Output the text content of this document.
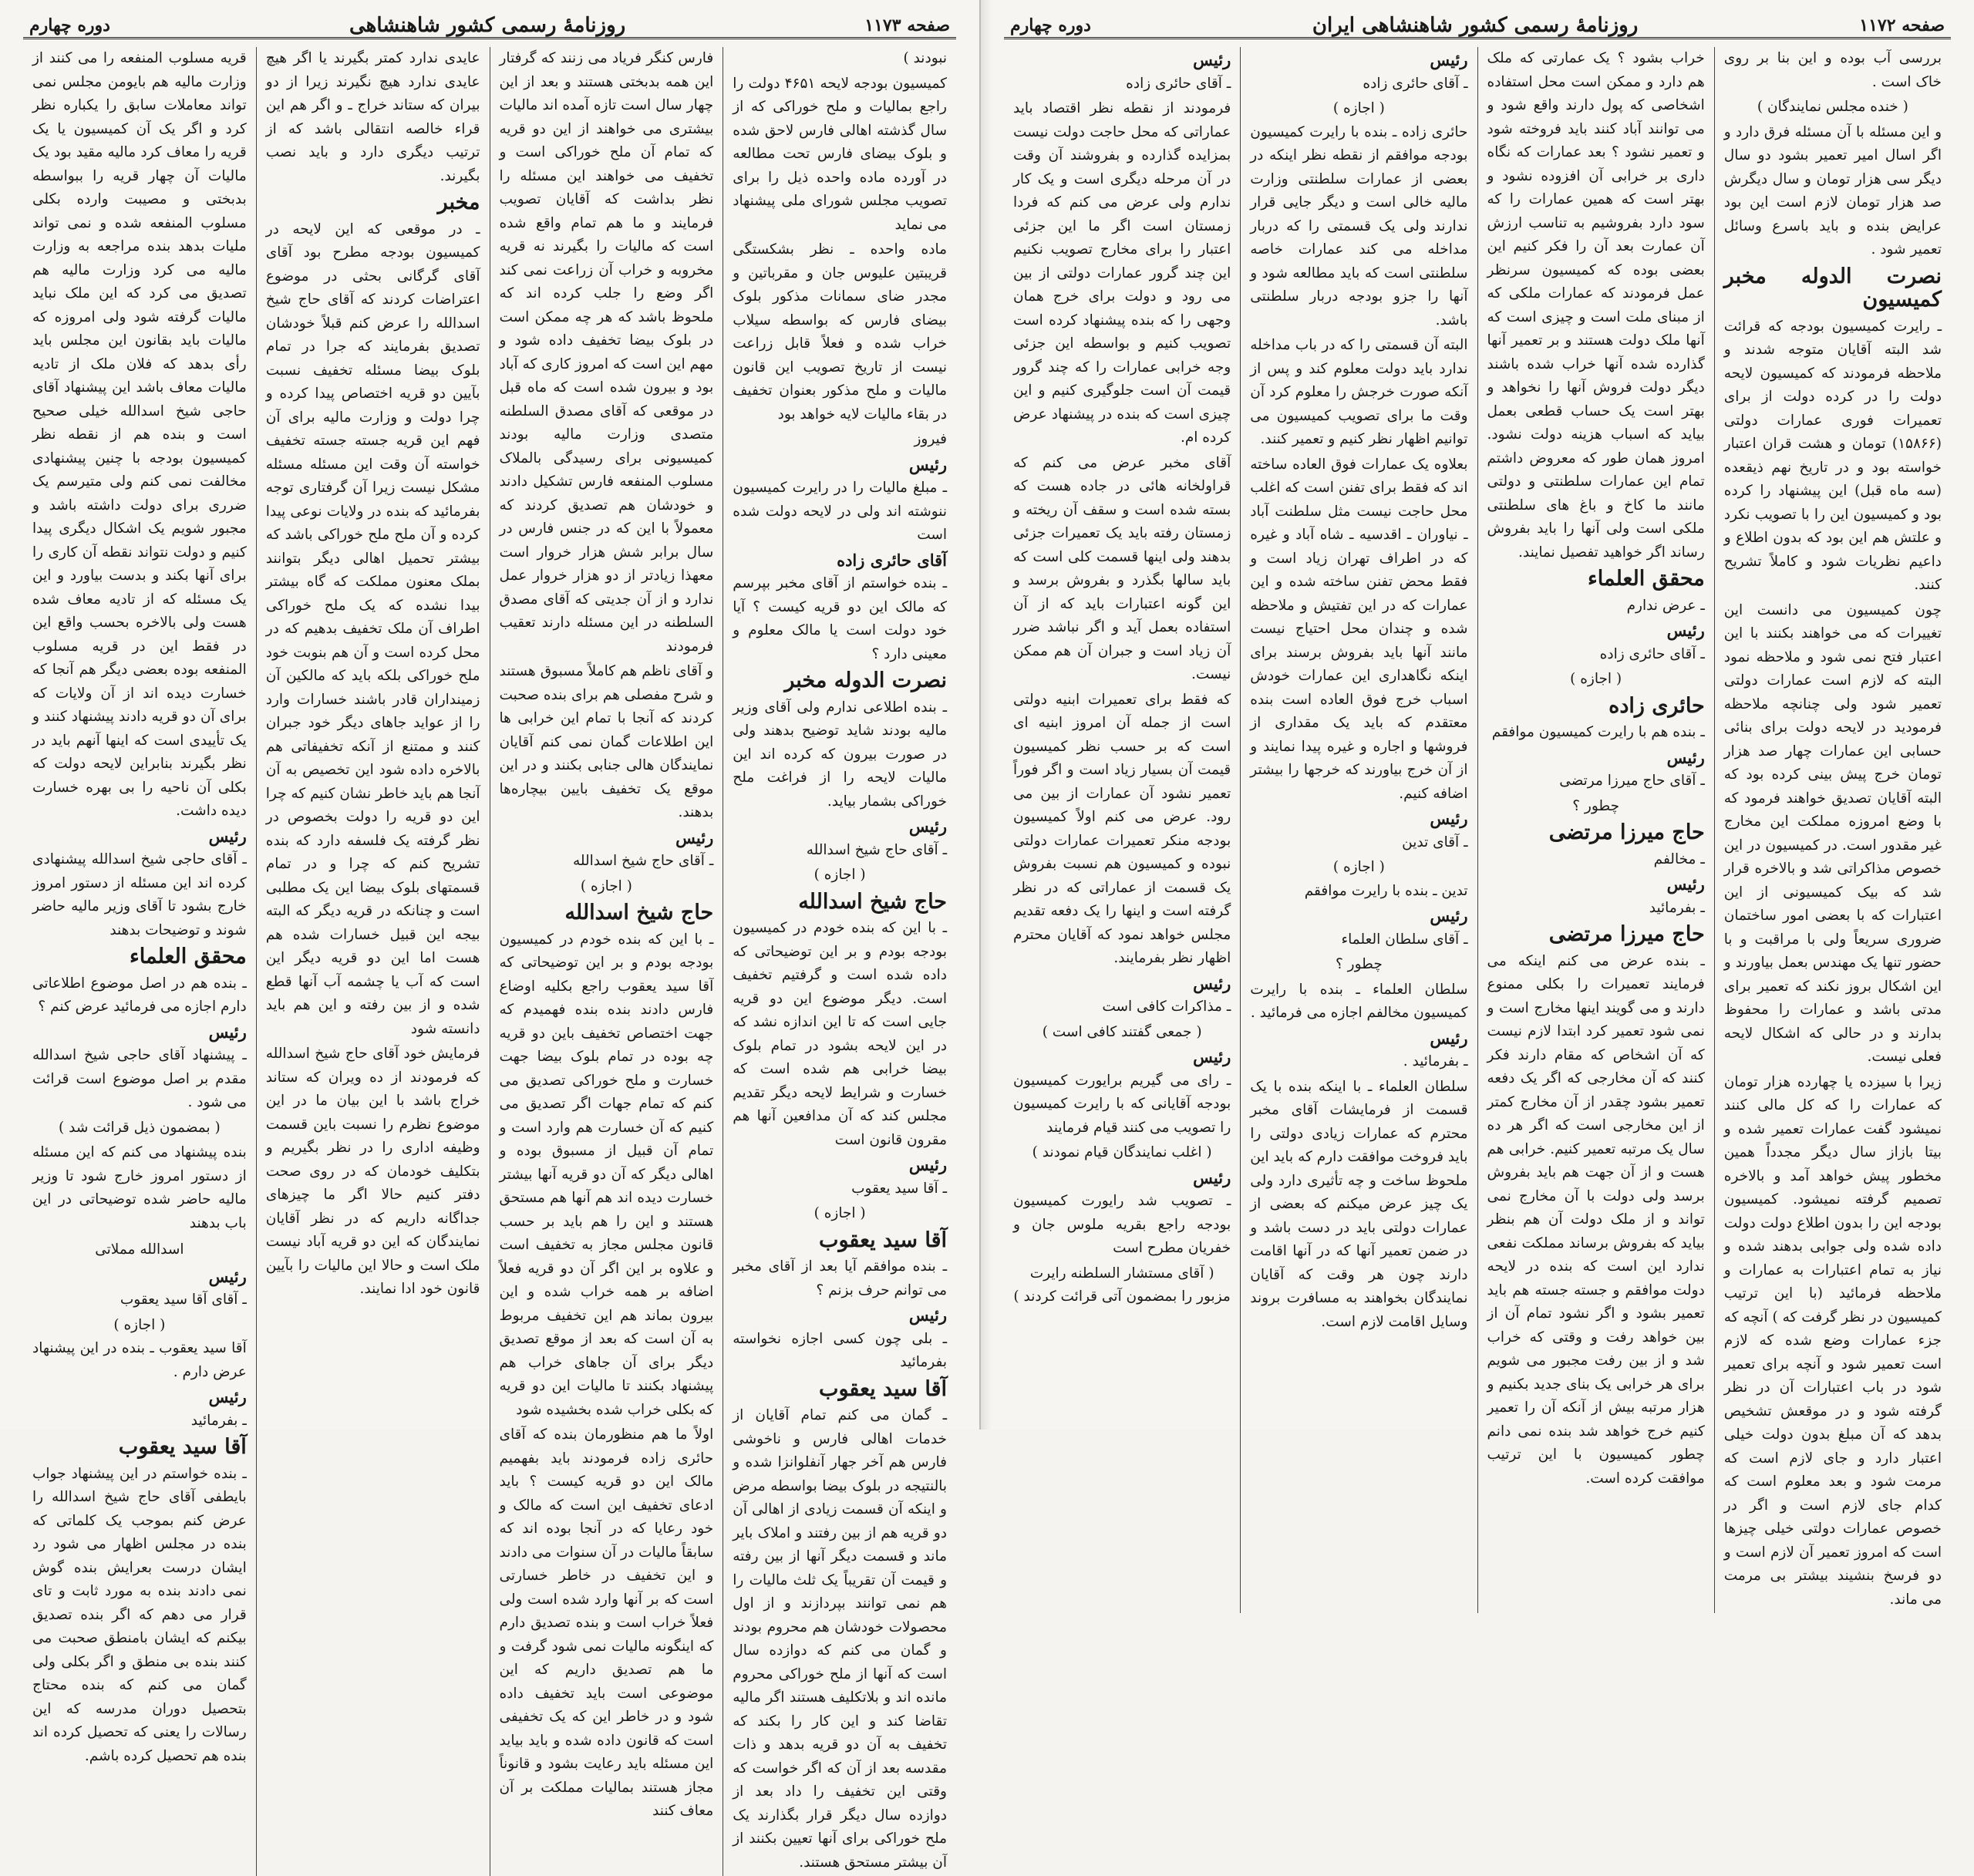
صفحه ۱۱۷۳
روزنامۀ رسمی کشور شاهنشاهی
دوره چهارم

نبودند )

کمیسیون بودجه لایحه ۴۶۵۱ دولت را راجع بمالیات و ملح خوراکی که از سال گذشته اهالی فارس لاحق شده و بلوک بیضای فارس تحت مطالعه در آورده ماده واحده ذیل را برای تصویب مجلس شورای ملی پیشنهاد می نماید

ماده واحده ـ نظر بشکستگی قریبتین علیوس جان و مقرباتین و مجدر ضای سمانات مذکور بلوک بیضای فارس که بواسطه سیلاب خراب شده و فعلاً قابل زراعت نیست از تاریخ تصویب این قانون مالیات و ملح مذکور بعنوان تخفیف در بقاء مالیات لایه خواهد بود

فیروز

رئیس

ـ مبلغ مالیات را در رایرت کمیسیون ننوشته اند ولی در لایحه دولت شده است

آقای حائری زاده

ـ بنده خواستم از آقای مخبر بپرسم که مالک این دو قریه کیست ؟ آیا خود دولت است یا مالک معلوم و معینی دارد ؟

نصرت الدوله مخبر

ـ بنده اطلاعی ندارم ولی آقای وزیر مالیه بودند شاید توضیح بدهند ولی در صورت بیرون که کرده اند این مالیات لایحه را از فراغت ملح خوراکی بشمار بیاید.

رئیس

ـ آقای حاج شیخ اسدالله

( اجازه )
حاج شیخ اسدالله

ـ با این که بنده خودم در کمیسیون بودجه بودم و بر این توضیحاتی که داده شده است و گرفتیم تخفیف است. دیگر موضوع این دو قریه جایی است که تا این اندازه نشد که در این لایحه بشود در تمام بلوک بیضا خرابی هم شده است که خسارت و شرایط لایحه دیگر تقدیم مجلس کند که آن مدافعین آنها هم مقرون قانون است

رئیس

ـ آقا سید یعقوب

( اجازه )
آقا سید یعقوب

ـ بنده موافقم آیا بعد از آقای مخبر می توانم حرف بزنم ؟

رئیس

ـ بلی چون کسی اجازه نخواسته بفرمائید

آقا سید یعقوب

ـ گمان می کنم تمام آقایان از خدمات اهالی فارس و ناخوشی فارس هم آخر جهار آنفلوانزا شده و بالنتیجه در بلوک بیضا بواسطه مرض و اینکه آن قسمت زیادی از اهالی آن دو قریه هم از بین رفتند و املاک بایر ماند و قسمت دیگر آنها از بین رفته و قیمت آن تقریباً یک ثلث مالیات را هم نمی توانند بپردازند و از اول محصولات خودشان هم محروم بودند و گمان می کنم که دوازده سال است که آنها از ملح خوراکی محروم مانده اند و بلاتکلیف هستند اگر مالیه تقاضا کند و این کار را بکند که تخفیف به آن دو قریه بدهد و ذات مقدسه بعد از آن که اگر خواست که وقتی این تخفیف را داد بعد از دوازده سال دیگر قرار بگذارند یک ملح خوراکی برای آنها تعیین بکنند از آن بیشتر مستحق هستند.

فارس کنگر فریاد می زنند که گرفتار این همه بدبختی هستند و بعد از این چهار سال است تازه آمده اند مالیات بیشتری می خواهند از این دو قریه که تمام آن ملح خوراکی است و تخفیف می خواهند این مسئله را نظر بداشت که آقایان تصویب فرمایند و ما هم تمام واقع شده است که مالیات را بگیرند نه قریه مخروبه و خراب آن زراعت نمی کند اگر وضع را جلب کرده اند که ملحوظ باشد که هر چه ممکن است در بلوک بیضا تخفیف داده شود و مهم این است که امروز کاری که آباد بود و بیرون شده است که ماه قبل در موقعی که آقای مصدق السلطنه متصدی وزارت مالیه بودند کمیسیونی برای رسیدگی بالملاک مسلوب المنفعه فارس تشکیل دادند و خودشان هم تصدیق کردند که معمولاً با این که در جنس فارس در سال برابر شش هزار خروار است معهذا زیادتر از دو هزار خروار عمل ندارد و از آن جدیتی که آقای مصدق السلطنه در این مسئله دارند تعقیب فرمودند

و آقای ناظم هم کاملاً مسبوق هستند و شرح مفصلی هم برای بنده صحبت کردند که آنجا با تمام این خرابی ها این اطلاعات گمان نمی کنم آقایان نمایندگان هالی جنابی بکنند و در این موقع یک تخفیف بایین بیچاره‌ها بدهند.

رئیس

ـ آقای حاج شیخ اسدالله

( اجازه )
حاج شیخ اسدالله

ـ با این که بنده خودم در کمیسیون بودجه بودم و بر این توضیحاتی که آقا سید یعقوب راجع بکلیه اوضاع فارس دادند بنده بنده فهمیدم که جهت اختصاص تخفیف باین دو قریه چه بوده در تمام بلوک بیضا جهت خسارت و ملح خوراکی تصدیق می کنم که تمام جهات اگر تصدیق می کنیم که آن خسارت هم وارد است و تمام آن قبیل از مسبوق بوده و اهالی دیگر که آن دو قریه آنها بیشتر خسارت دیده اند هم آنها هم مستحق هستند و این را هم باید بر حسب قانون مجلس مجاز به تخفیف است و علاوه بر این اگر آن دو قریه فعلاً اضافه بر همه خراب شده و این بیرون بماند هم این تخفیف مربوط به آن است که بعد از موقع تصدیق دیگر برای آن جاهای خراب هم پیشنهاد بکنند تا مالیات این دو قریه که بکلی خراب شده بخشیده شود

اولاً ما هم منظورمان بنده که آقای حائری زاده فرمودند باید بفهمیم مالک این دو قریه کیست ؟ باید ادعای تخفیف این است که مالک و خود رعایا که در آنجا بوده اند که سابقاً مالیات در آن سنوات می دادند و این تخفیف در خاطر خسارتی است که بر آنها وارد شده است ولی فعلاً خراب است و بنده تصدیق دارم که اینگونه مالیات نمی شود گرفت و ما هم تصدیق داریم که این موضوعی است باید تخفیف داده شود و در خاطر این که یک تخفیفی است که قانون داده شده و باید بیاید این مسئله باید رعایت بشود و قانوناً مجاز هستند بمالیات مملکت بر آن معاف کنند

عایدی ندارد کمتر بگیرند یا اگر هیچ عایدی ندارد هیچ نگیرند زیرا از دو بیران که ستاند خراج ـ و اگر هم این قراء خالصه انتقالی باشد که از ترتیب دیگری دارد و باید نصب بگیرند.

مخبر

ـ در موقعی که این لایحه در کمیسیون بودجه مطرح بود آقای آقای گرگانی بحثی در موضوع اعتراضات کردند که آقای حاج شیخ اسدالله را عرض کنم قبلاً خودشان تصدیق بفرمایند که جرا در تمام بلوک بیضا مسئله تخفیف نسبت بآیین دو قریه اختصاص پیدا کرده و چرا دولت و وزارت مالیه برای آن فهم این قریه جسته‌ جسته تخفیف خواسته آن وقت این مسئله مسئله مشکل نیست زیرا آن گرفتاری توجه بفرمائید که بنده در ولایات نوعی پیدا کرده و آن ملح ملح خوراکی باشد که بیشتر تحمیل اهالی دیگر بتوانند بملک معنون مملکت که گاه بیشتر بیدا نشده که یک ملح خوراکی اطراف آن ملک تخفیف بدهیم که در محل کرده است و آن هم بنوبت خود ملح خوراکی بلکه باید که مالکین آن زمینداران قادر باشند خسارات وارد را از عواید جاهای دیگر خود جبران کنند و ممتنع از آنکه تخفیفاتی هم بالاخره داده شود این تخصیص به آن آنجا هم باید خاطر نشان کنیم که چرا این دو قریه را دولت بخصوص در نظر گرفته یک فلسفه دارد که بنده تشریح کنم که چرا و در تمام قسمتهای بلوک بیضا این یک مطلبی است و چنانکه در قریه دیگر که البته بیجه این قبیل خسارات شده هم هست اما این دو قریه دیگر این است که آب یا چشمه آب آنها قطع شده و از بین رفته و این هم باید دانسته شود

فرمایش خود آقای حاج شیخ اسدالله که فرمودند از ده ویران که ستاند خراج باشد با این بیان ما در این موضوع نظرم را نسبت باین قسمت وظیفه اداری را در نظر بگیریم و بتکلیف خودمان که در روی صحت دفتر کنیم حالا اگر ما چیزهای جداگانه داریم که در نظر آقایان نمایندگان که این دو قریه آباد نیست ملک است و حالا این مالیات را بآیین قانون خود ادا نمایند.

قریه مسلوب المنفعه را می کنند از وزارت مالیه هم بایومن مجلس نمی تواند معاملات سابق را یکباره نظر کرد و اگر یک آن کمیسیون یا یک قریه را معاف کرد مالیه مقید بود یک مالیات آن چهار قریه را ببواسطه بدبختی و مصیبت وارده بکلی مسلوب المنفعه شده و نمی تواند ملیات بدهد بنده مراجعه به وزارت مالیه می کرد وزارت مالیه هم تصدیق می کرد که این ملک نباید مالیات گرفته شود ولی امروزه که مالیات باید بقانون این مجلس باید رأی بدهد که فلان ملک از تادیه مالیات معاف باشد این پیشنهاد آقای حاجی شیخ اسدالله خیلی صحیح است و بنده هم از نقطه نظر کمیسیون بودجه با چنین پیشنهادی مخالفت نمی کنم ولی متیرسم یک ضرری برای دولت داشته باشد و مجبور شویم یک اشکال دیگری پیدا کنیم و دولت نتواند نقطه آن کاری را برای آنها بکند و بدست بیاورد و این یک مسئله که از تادیه معاف شده هست ولی بالاخره بحسب واقع این در فقط این در قریه مسلوب المنفعه بوده بعضی دیگر هم آنجا که خسارت دیده اند از آن ولایات که برای آن دو قریه دادند پیشنهاد کنند و یک تأییدی است که اینها آنهم باید در نظر بگیرند بنابراین لایحه دولت که بکلی آن ناحیه را بی بهره خسارت دیده داشت.

رئیس

ـ آقای حاجی شیخ اسدالله پیشنهادی کرده اند این مسئله از دستور امروز خارج بشود تا آقای وزیر مالیه حاضر شوند و توضیحات بدهند

محقق العلماء

ـ بنده هم در اصل موضوع اطلاعاتی دارم اجازه می فرمائید عرض کنم ؟

رئیس

ـ پیشنهاد آقای حاجی شیخ اسدالله مقدم بر اصل موضوع است قرائت می شود .

( بمضمون ذیل قرائت شد )

بنده پیشنهاد می کنم که این مسئله از دستور امروز خارج شود تا وزیر مالیه حاضر شده توضیحاتی در این باب بدهند

اسدالله مملاتی
رئیس

ـ آقای آقا سید یعقوب

( اجازه )

آقا سید یعقوب ـ بنده در این پیشنهاد عرض دارم .

رئیس

ـ بفرمائید

آقا سید یعقوب

ـ بنده خواستم در این پیشنهاد جواب بایطفی آقای حاج شیخ اسدالله را عرض کنم بموجب یک کلماتی که بنده در مجلس اظهار می شود رد ایشان درست بعرایش بنده گوش نمی دادند بنده به مورد ثابت و تای قرار می دهم که اگر بنده تصدیق بیکنم که ایشان بامنطق صحبت می کنند بنده بی منطق و اگر بکلی ولی گمان می کنم که بنده محتاج بتحصیل دوران مدرسه که این رسالات را یعنی که تحصیل کرده اند بنده هم تحصیل کرده باشم.

صفحه ۱۱۷۲
روزنامۀ رسمی کشور شاهنشاهی ایران
دوره چهارم

بررسی آب بوده و این بنا بر روی خاک است .

( خنده مجلس نمایندگان )

و این مسئله با آن مسئله فرق دارد و اگر اسال امیر تعمیر بشود دو سال دیگر سی هزار تومان و سال دیگرش صد هزار تومان لازم است این بود عرایض بنده و باید باسرع وسائل تعمیر شود .

نصرت الدوله مخبر کمیسیون

ـ رایرت کمیسیون بودجه که قرائت شد البته آقایان متوجه شدند و ملاحظه فرمودند که کمیسیون لایحه دولت را در کرده دولت از برای تعمیرات فوری عمارات دولتی (۱۵۸۶۶) تومان و هشت قران اعتبار خواسته بود و در تاریخ نهم ذیقعده (سه ماه قبل) این پیشنهاد را کرده بود و کمیسیون این را با تصویب نکرد و علتش هم این بود که بدون اطلاع و داعیم نظریات شود و کاملاً تشریح کنند.

چون کمیسیون می دانست این تغییرات که می خواهند بکنند با این اعتبار فتح نمی شود و ملاحظه نمود البته که لازم است عمارات دولتی تعمیر شود ولی چنانچه ملاحظه فرمودید در لایحه دولت برای بنائی حسابی این عمارات چهار صد هزار تومان خرج پیش بینی کرده بود که البته آقایان تصدیق خواهند فرمود که با وضع امروزه مملکت این مخارج غیر مقدور است. در کمیسیون در این خصوص مذاکراتی شد و بالاخره قرار شد که بیک کمیسیونی از این اعتبارات که با بعضی امور ساختمان ضروری سریعاً ولی با مراقبت و با حضور تنها یک مهندس بعمل بیاورند و این اشکال بروز نکند که تعمیر برای مدتی باشد و عمارات را محفوظ بدارند و در حالی که اشکال لایحه فعلی نیست.

زیرا با سیزده یا چهارده هزار تومان که عمارات را که کل مالی کنند نمیشود گفت عمارات تعمیر شده و بیتا بازاز سال دیگر مجدداً همین مخطور پیش خواهد آمد و بالاخره تصمیم گرفته نمیشود. کمیسیون بودجه این را بدون اطلاع دولت دولت داده شده ولی جوابی بدهند شده و نیاز به تمام اعتبارات به عمارات و ملاحظه فرمائید (با این ترتیب کمیسیون در نظر گرفت که ) آنچه که جزء عمارات وضع شده که لازم است تعمیر شود و آنچه برای تعمیر شود در باب اعتبارات آن در نظر گرفته شود و در موقعش تشخیص بدهد که آن مبلغ بدون دولت خیلی اعتبار دارد و جای لازم است که مرمت شود و بعد معلوم است که کدام جای لازم است و اگر در خصوص عمارات دولتی خیلی چیزها است که امروز تعمیر آن لازم است و دو فرسخ بنشیند بیشتر بی مرمت می ماند.

خراب بشود ؟ یک عمارتی که ملک هم دارد و ممکن است محل استفاده اشخاصی که پول دارند واقع شود و می توانند آباد کنند باید فروخته شود و تعمیر نشود ؟ بعد عمارات که نگاه داری بر خرابی آن افزوده نشود و بهتر است که همین عمارات را که سود دارد بفروشیم به تناسب ارزش آن عمارت بعد آن را فکر کنیم این بعضی بوده که کمیسیون سرنظر عمل فرمودند که عمارات ملکی که از مبنای ملت است و چیزی است که آنها ملک دولت هستند و بر تعمیر آنها گذارده شده آنها خراب شده باشند دیگر دولت فروش آنها را نخواهد و بهتر است یک حساب قطعی بعمل بیاید که اسباب هزینه دولت نشود. امروز همان طور که معروض داشتم تمام این عمارات سلطنتی و دولتی مانند ما کاخ و باغ های سلطنتی ملکی است ولی آنها را باید بفروش رساند اگر خواهید تفصیل نمایند.

محقق العلماء

ـ عرض ندارم

رئیس

ـ آقای حائری زاده

( اجازه )
حائری زاده

ـ بنده هم با رایرت کمیسیون موافقم

رئیس

ـ آقای حاج میرزا مرتضی

چطور ؟

حاج میرزا مرتضی

ـ مخالفم

رئیس

ـ بفرمائید

حاج میرزا مرتضی

ـ بنده عرض می کنم اینکه می فرمایند تعمیرات را بکلی ممنوع دارند و می گویند اینها مخارج است و نمی شود تعمیر کرد ابتدا لازم نیست که آن اشخاص که مقام دارند فکر کنند که آن مخارجی که اگر یک دفعه تعمیر بشود چقدر از آن مخارج کمتر از این مخارجی است که اگر هر ده سال یک مرتبه تعمیر کنیم. خرابی هم هست و از آن جهت هم باید بفروش برسد ولی دولت با آن مخارج نمی تواند و از ملک دولت آن هم بنظر بیاید که بفروش برساند مملکت نفعی ندارد این است که بنده در لایحه دولت موافقم و جسته‌ جسته هم باید تعمیر بشود و اگر نشود تمام آن از بین خواهد رفت و وقتی که خراب شد و از بین رفت مجبور می شویم برای هر خرابی یک بنای جدید بکنیم و هزار مرتبه بیش از آنکه آن را تعمیر کنیم خرج خواهد شد بنده نمی دانم چطور کمیسیون با این ترتیب موافقت کرده است.

رئیس

ـ آقای حائری زاده

( اجازه )

حائری زاده ـ بنده با رایرت کمیسیون بودجه موافقم از نقطه نظر اینکه در بعضی از عمارات سلطنتی وزارت مالیه خالی است و دیگر جایی قرار ندارند ولی یک قسمتی را که دربار مداخله می کند عمارات خاصه سلطنتی است که باید مطالعه شود و آنها را جزو بودجه دربار سلطنتی باشد.

البته آن قسمتی را که در باب مداخله ندارد باید دولت معلوم کند و پس از آنکه صورت خرجش را معلوم کرد آن وقت ما برای تصویب کمیسیون می توانیم اظهار نظر کنیم و تعمیر کنند.

بعلاوه یک عمارات فوق العاده ساخته اند که فقط برای تفنن است که اغلب محل حاجت نیست مثل سلطنت آباد ـ نیاوران ـ اقدسیه ـ شاه آباد و غیره که در اطراف تهران زیاد است و فقط محض تفنن ساخته شده و این عمارات که در این تفتیش و ملاحظه شده و چندان محل احتیاج نیست مانند آنها باید بفروش برسند برای اینکه نگاهداری این عمارات خودش اسباب خرج فوق العاده است بنده معتقدم که باید یک مقداری از فروشها و اجاره و غیره پیدا نمایند و از آن خرج بیاورند که خرجها را بیشتر اضافه کنیم.

رئیس

ـ آقای تدین

( اجازه )

تدین ـ بنده با رایرت موافقم

رئیس

ـ آقای سلطان العلماء

چطور ؟

سلطان العلماء ـ بنده با رایرت کمیسیون مخالفم اجازه می فرمائید .

رئیس

ـ بفرمائید .

سلطان العلماء ـ با اینکه بنده با یک قسمت از فرمایشات آقای مخبر محترم که عمارات زیادی دولتی را باید فروخت موافقت دارم که باید این ملحوظ ساخت و چه تأثیری دارد ولی یک چیز عرض میکنم که بعضی از عمارات دولتی باید در دست باشد و در ضمن تعمیر آنها که در آنها اقامت دارند چون هر وقت که آقایان نمایندگان بخواهند به مسافرت بروند وسایل اقامت لازم است.

رئیس

ـ آقای حائری زاده

فرمودند از نقطه نظر اقتصاد باید عماراتی که محل حاجت دولت نیست بمزایده گذارده و بفروشند آن وقت در آن مرحله دیگری است و یک کار ندارم ولی عرض می کنم که فردا زمستان است اگر ما این جزئی اعتبار را برای مخارج تصویب نکنیم این چند گرور عمارات دولتی از بین می رود و دولت برای خرج همان وجهی را که بنده پیشنهاد کرده است تصویب کنیم و بواسطه این جزئی وجه خرابی عمارات را که چند گرور قیمت آن است جلوگیری کنیم و این چیزی است که بنده در پیشنهاد عرض کرده ام.

آقای مخبر عرض می کنم که قراولخانه هائی در جاده هست که بسته شده است و سقف آن ریخته و زمستان رفته باید یک تعمیرات جزئی بدهند ولی اینها قسمت کلی است که باید سالها بگذرد و بفروش برسد و این گونه اعتبارات باید که از آن استفاده بعمل آید و اگر نباشد ضرر آن زیاد است و جبران آن هم ممکن نیست.

که فقط برای تعمیرات ابنیه دولتی است از جمله آن امروز ابنیه ای است که بر حسب نظر کمیسیون قیمت آن بسیار زیاد است و اگر فوراً تعمیر نشود آن عمارات از بین می رود. عرض می کنم اولاً کمیسیون بودجه منکر تعمیرات عمارات دولتی نبوده و کمیسیون هم نسبت بفروش یک قسمت از عماراتی که در نظر گرفته است و اینها را یک دفعه تقدیم مجلس خواهد نمود که آقایان محترم اظهار نظر بفرمایند.

رئیس

ـ مذاکرات کافی است

( جمعی گفتند کافی است )

رئیس

ـ رای می گیریم برایورت کمیسیون بودجه آقایانی که با رایرت کمیسیون را تصویب می کنند قیام فرمایند

( اغلب نمایندگان قیام نمودند )

رئیس

ـ تصویب شد رایورت کمیسیون بودجه راجع بقریه ملوس جان و خفریان مطرح است

( آقای مستشار السلطنه رایرت مزبور را بمضمون آتی قرائت کردند )
